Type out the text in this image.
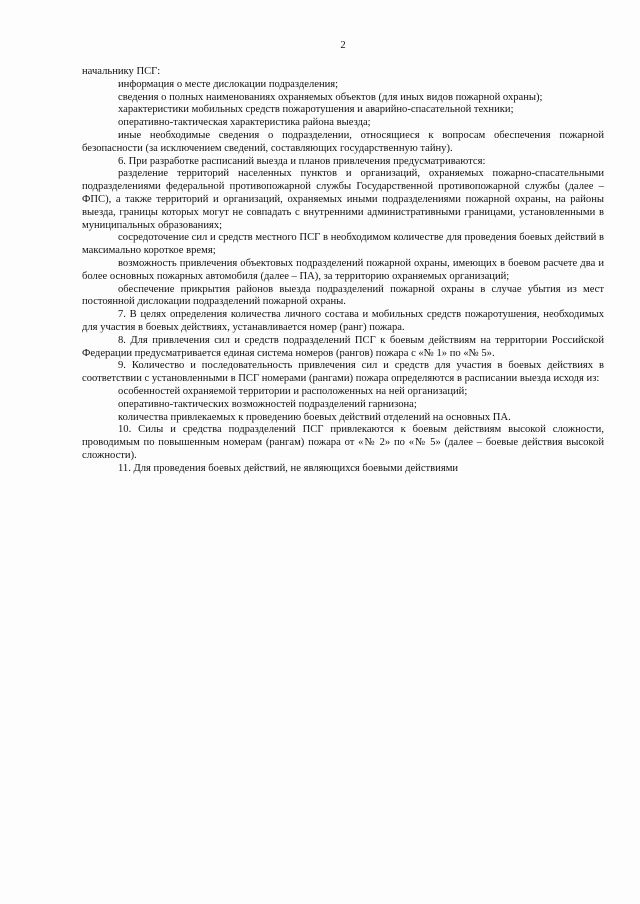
2

начальнику ПСГ:

информация о месте дислокации подразделения;

сведения о полных наименованиях охраняемых объектов (для иных видов пожарной охраны);

характеристики мобильных средств пожаротушения и аварийно-спасательной техники;

оперативно-тактическая характеристика района выезда;

иные необходимые сведения о подразделении, относящиеся к вопросам обеспечения пожарной безопасности (за исключением сведений, составляющих государственную тайну).

6. При разработке расписаний выезда и планов привлечения предусматриваются:

разделение территорий населенных пунктов и организаций, охраняемых пожарно-спасательными подразделениями федеральной противопожарной службы Государственной противопожарной службы (далее – ФПС), а также территорий и организаций, охраняемых иными подразделениями пожарной охраны, на районы выезда, границы которых могут не совпадать с внутренними административными границами, установленными в муниципальных образованиях;

сосредоточение сил и средств местного ПСГ в необходимом количестве для проведения боевых действий в максимально короткое время;

возможность привлечения объектовых подразделений пожарной охраны, имеющих в боевом расчете два и более основных пожарных автомобиля (далее – ПА), за территорию охраняемых организаций;

обеспечение прикрытия районов выезда подразделений пожарной охраны в случае убытия из мест постоянной дислокации подразделений пожарной охраны.

7. В целях определения количества личного состава и мобильных средств пожаротушения, необходимых для участия в боевых действиях, устанавливается номер (ранг) пожара.

8. Для привлечения сил и средств подразделений ПСГ к боевым действиям на территории Российской Федерации предусматривается единая система номеров (рангов) пожара с «№ 1» по «№ 5».

9. Количество и последовательность привлечения сил и средств для участия в боевых действиях в соответствии с установленными в ПСГ номерами (рангами) пожара определяются в расписании выезда исходя из:

особенностей охраняемой территории и расположенных на ней организаций;

оперативно-тактических возможностей подразделений гарнизона;

количества привлекаемых к проведению боевых действий отделений на основных ПА.

10. Силы и средства подразделений ПСГ привлекаются к боевым действиям высокой сложности, проводимым по повышенным номерам (рангам) пожара от «№ 2» по «№ 5» (далее – боевые действия высокой сложности).

11. Для проведения боевых действий, не являющихся боевыми действиями
